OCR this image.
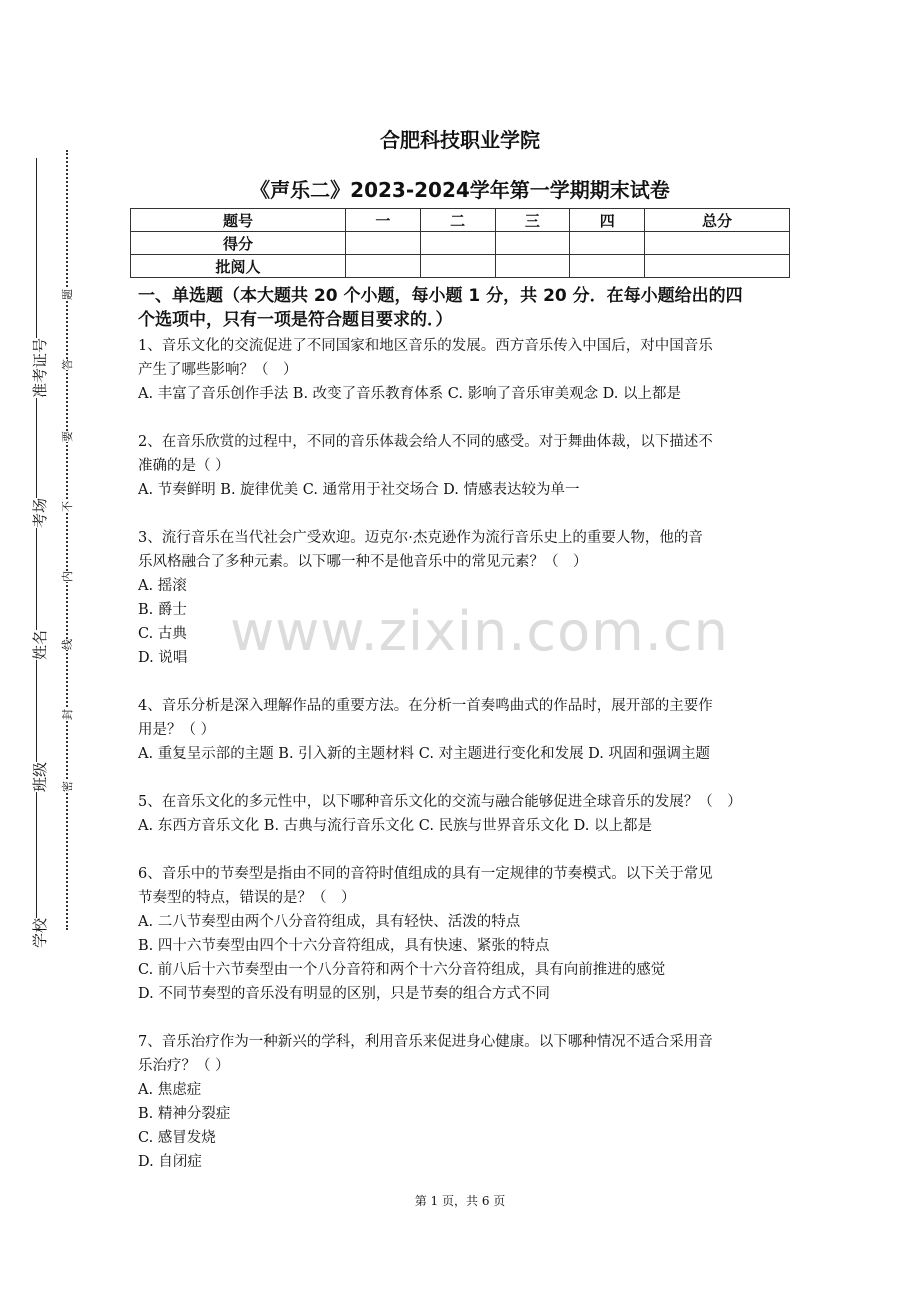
准考证号
考场
姓名
班级
学校
题
答
要
不
内
线
封
密
合肥科技职业学院
《声乐二》2023-2024学年第一学期期末试卷
题号	一	二	三	四	总分
得分					
批阅人					
一、单选题（本大题共 20 个小题，每小题 1 分，共 20 分．在每小题给出的四
个选项中，只有一项是符合题目要求的．）
1、音乐文化的交流促进了不同国家和地区音乐的发展。西方音乐传入中国后，对中国音乐
产生了哪些影响？（　）
A. 丰富了音乐创作手法 B. 改变了音乐教育体系 C. 影响了音乐审美观念 D. 以上都是
2、在音乐欣赏的过程中，不同的音乐体裁会给人不同的感受。对于舞曲体裁，以下描述不
准确的是（ ）
A. 节奏鲜明 B. 旋律优美 C. 通常用于社交场合 D. 情感表达较为单一
3、流行音乐在当代社会广受欢迎。迈克尔·杰克逊作为流行音乐史上的重要人物，他的音
乐风格融合了多种元素。以下哪一种不是他音乐中的常见元素？（　）
A. 摇滚
B. 爵士
C. 古典
D. 说唱
4、音乐分析是深入理解作品的重要方法。在分析一首奏鸣曲式的作品时，展开部的主要作
用是？（ ）
A. 重复呈示部的主题 B. 引入新的主题材料 C. 对主题进行变化和发展 D. 巩固和强调主题
5、在音乐文化的多元性中，以下哪种音乐文化的交流与融合能够促进全球音乐的发展？（　）
A. 东西方音乐文化 B. 古典与流行音乐文化 C. 民族与世界音乐文化 D. 以上都是
6、音乐中的节奏型是指由不同的音符时值组成的具有一定规律的节奏模式。以下关于常见
节奏型的特点，错误的是？（　）
A. 二八节奏型由两个八分音符组成，具有轻快、活泼的特点
B. 四十六节奏型由四个十六分音符组成，具有快速、紧张的特点
C. 前八后十六节奏型由一个八分音符和两个十六分音符组成，具有向前推进的感觉
D. 不同节奏型的音乐没有明显的区别，只是节奏的组合方式不同
7、音乐治疗作为一种新兴的学科，利用音乐来促进身心健康。以下哪种情况不适合采用音
乐治疗？（ ）
A. 焦虑症
B. 精神分裂症
C. 感冒发烧
D. 自闭症
www.zixin.com.cn
第 1 页，共 6 页
